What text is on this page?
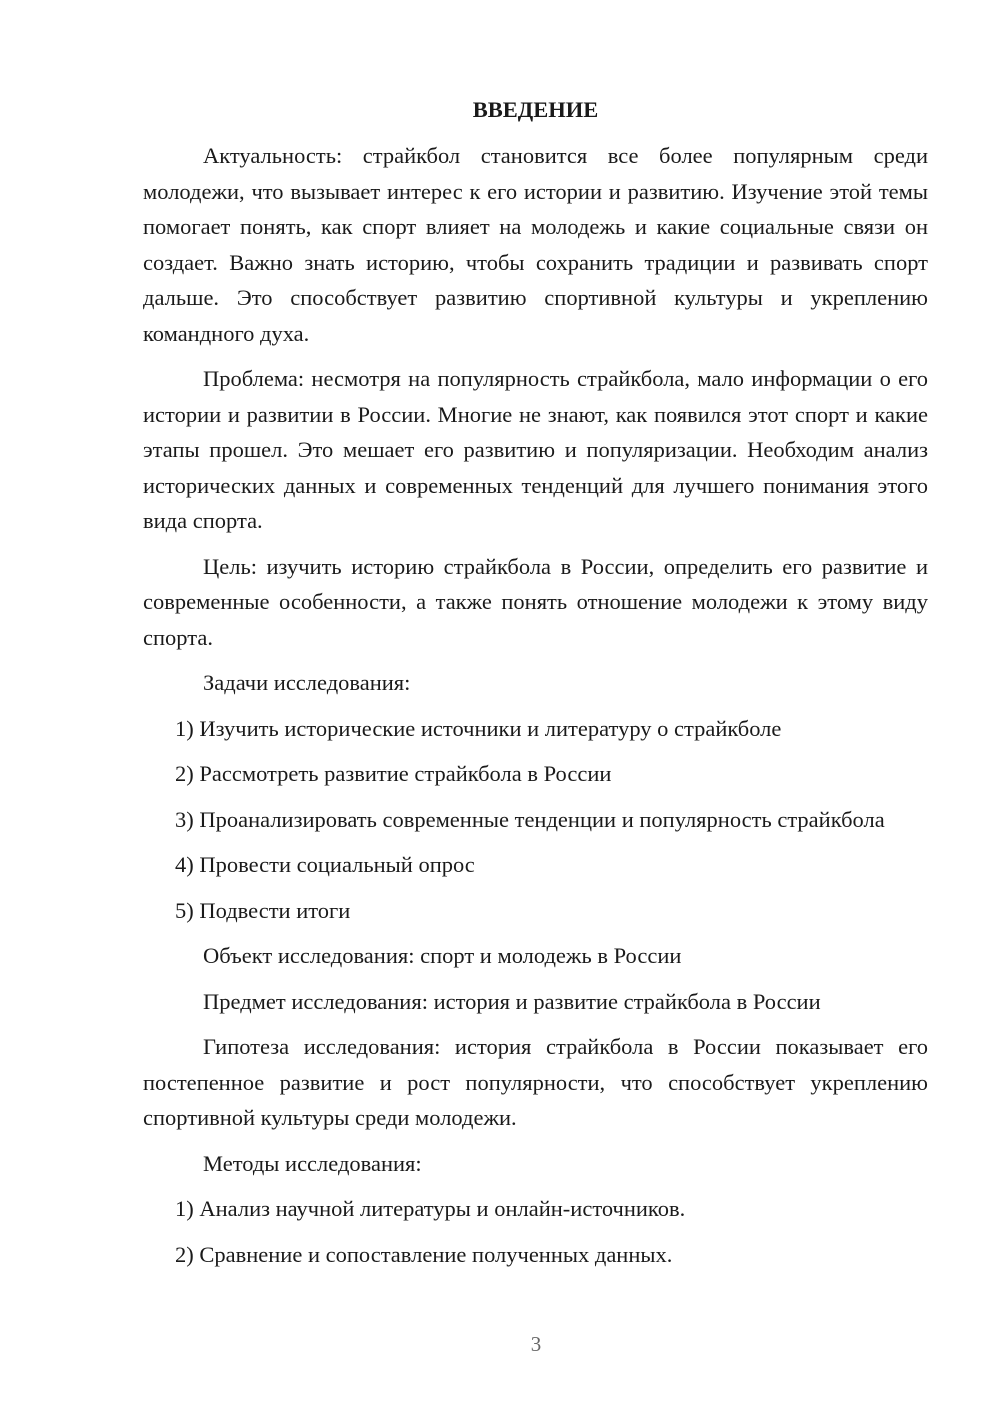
ВВЕДЕНИЕ

Актуальность: страйкбол становится все более популярным среди молодежи, что вызывает интерес к его истории и развитию. Изучение этой темы помогает понять, как спорт влияет на молодежь и какие социальные связи он создает. Важно знать историю, чтобы сохранить традиции и развивать спорт дальше. Это способствует развитию спортивной культуры и укреплению командного духа.

Проблема: несмотря на популярность страйкбола, мало информации о его истории и развитии в России. Многие не знают, как появился этот спорт и какие этапы прошел. Это мешает его развитию и популяризации. Необходим анализ исторических данных и современных тенденций для лучшего понимания этого вида спорта.

Цель: изучить историю страйкбола в России, определить его развитие и современные особенности, а также понять отношение молодежи к этому виду спорта.

Задачи исследования:

1) Изучить исторические источники и литературу о страйкболе

2) Рассмотреть развитие страйкбола в России

3) Проанализировать современные тенденции и популярность страйкбола

4) Провести социальный опрос

5) Подвести итоги

Объект исследования: спорт и молодежь в России

Предмет исследования: история и развитие страйкбола в России

Гипотеза исследования: история страйкбола в России показывает его постепенное развитие и рост популярности, что способствует укреплению спортивной культуры среди молодежи.

Методы исследования:

1) Анализ научной литературы и онлайн-источников.

2) Сравнение и сопоставление полученных данных.

3
